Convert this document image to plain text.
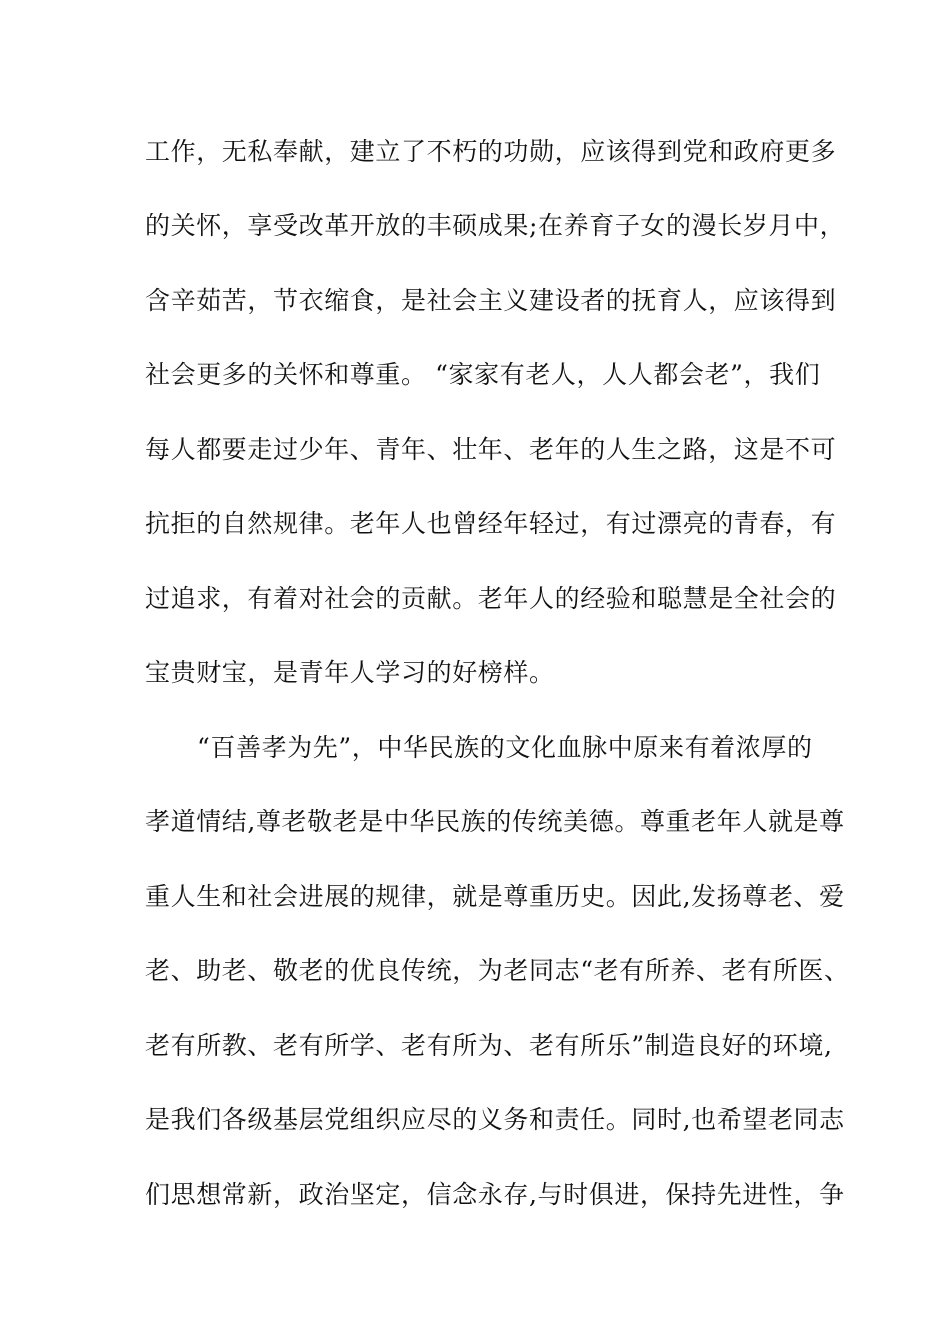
工作，无私奉献，建立了不朽的功勋，应该得到党和政府更多
的关怀，享受改革开放的丰硕成果;在养育子女的漫长岁月中，
含辛茹苦，节衣缩食，是社会主义建设者的抚育人，应该得到
社会更多的关怀和尊重。 “家家有老人，人人都会老”，我们
每人都要走过少年、青年、壮年、老年的人生之路，这是不可
抗拒的自然规律。老年人也曾经年轻过，有过漂亮的青春，有
过追求，有着对社会的贡献。老年人的经验和聪慧是全社会的
宝贵财宝，是青年人学习的好榜样。
“百善孝为先”，中华民族的文化血脉中原来有着浓厚的
孝道情结,尊老敬老是中华民族的传统美德。尊重老年人就是尊
重人生和社会进展的规律，就是尊重历史。因此,发扬尊老、爱
老、助老、敬老的优良传统，为老同志“老有所养、老有所医、
老有所教、老有所学、老有所为、老有所乐”制造良好的环境,
是我们各级基层党组织应尽的义务和责任。同时,也希望老同志
们思想常新，政治坚定，信念永存,与时俱进，保持先进性，争
